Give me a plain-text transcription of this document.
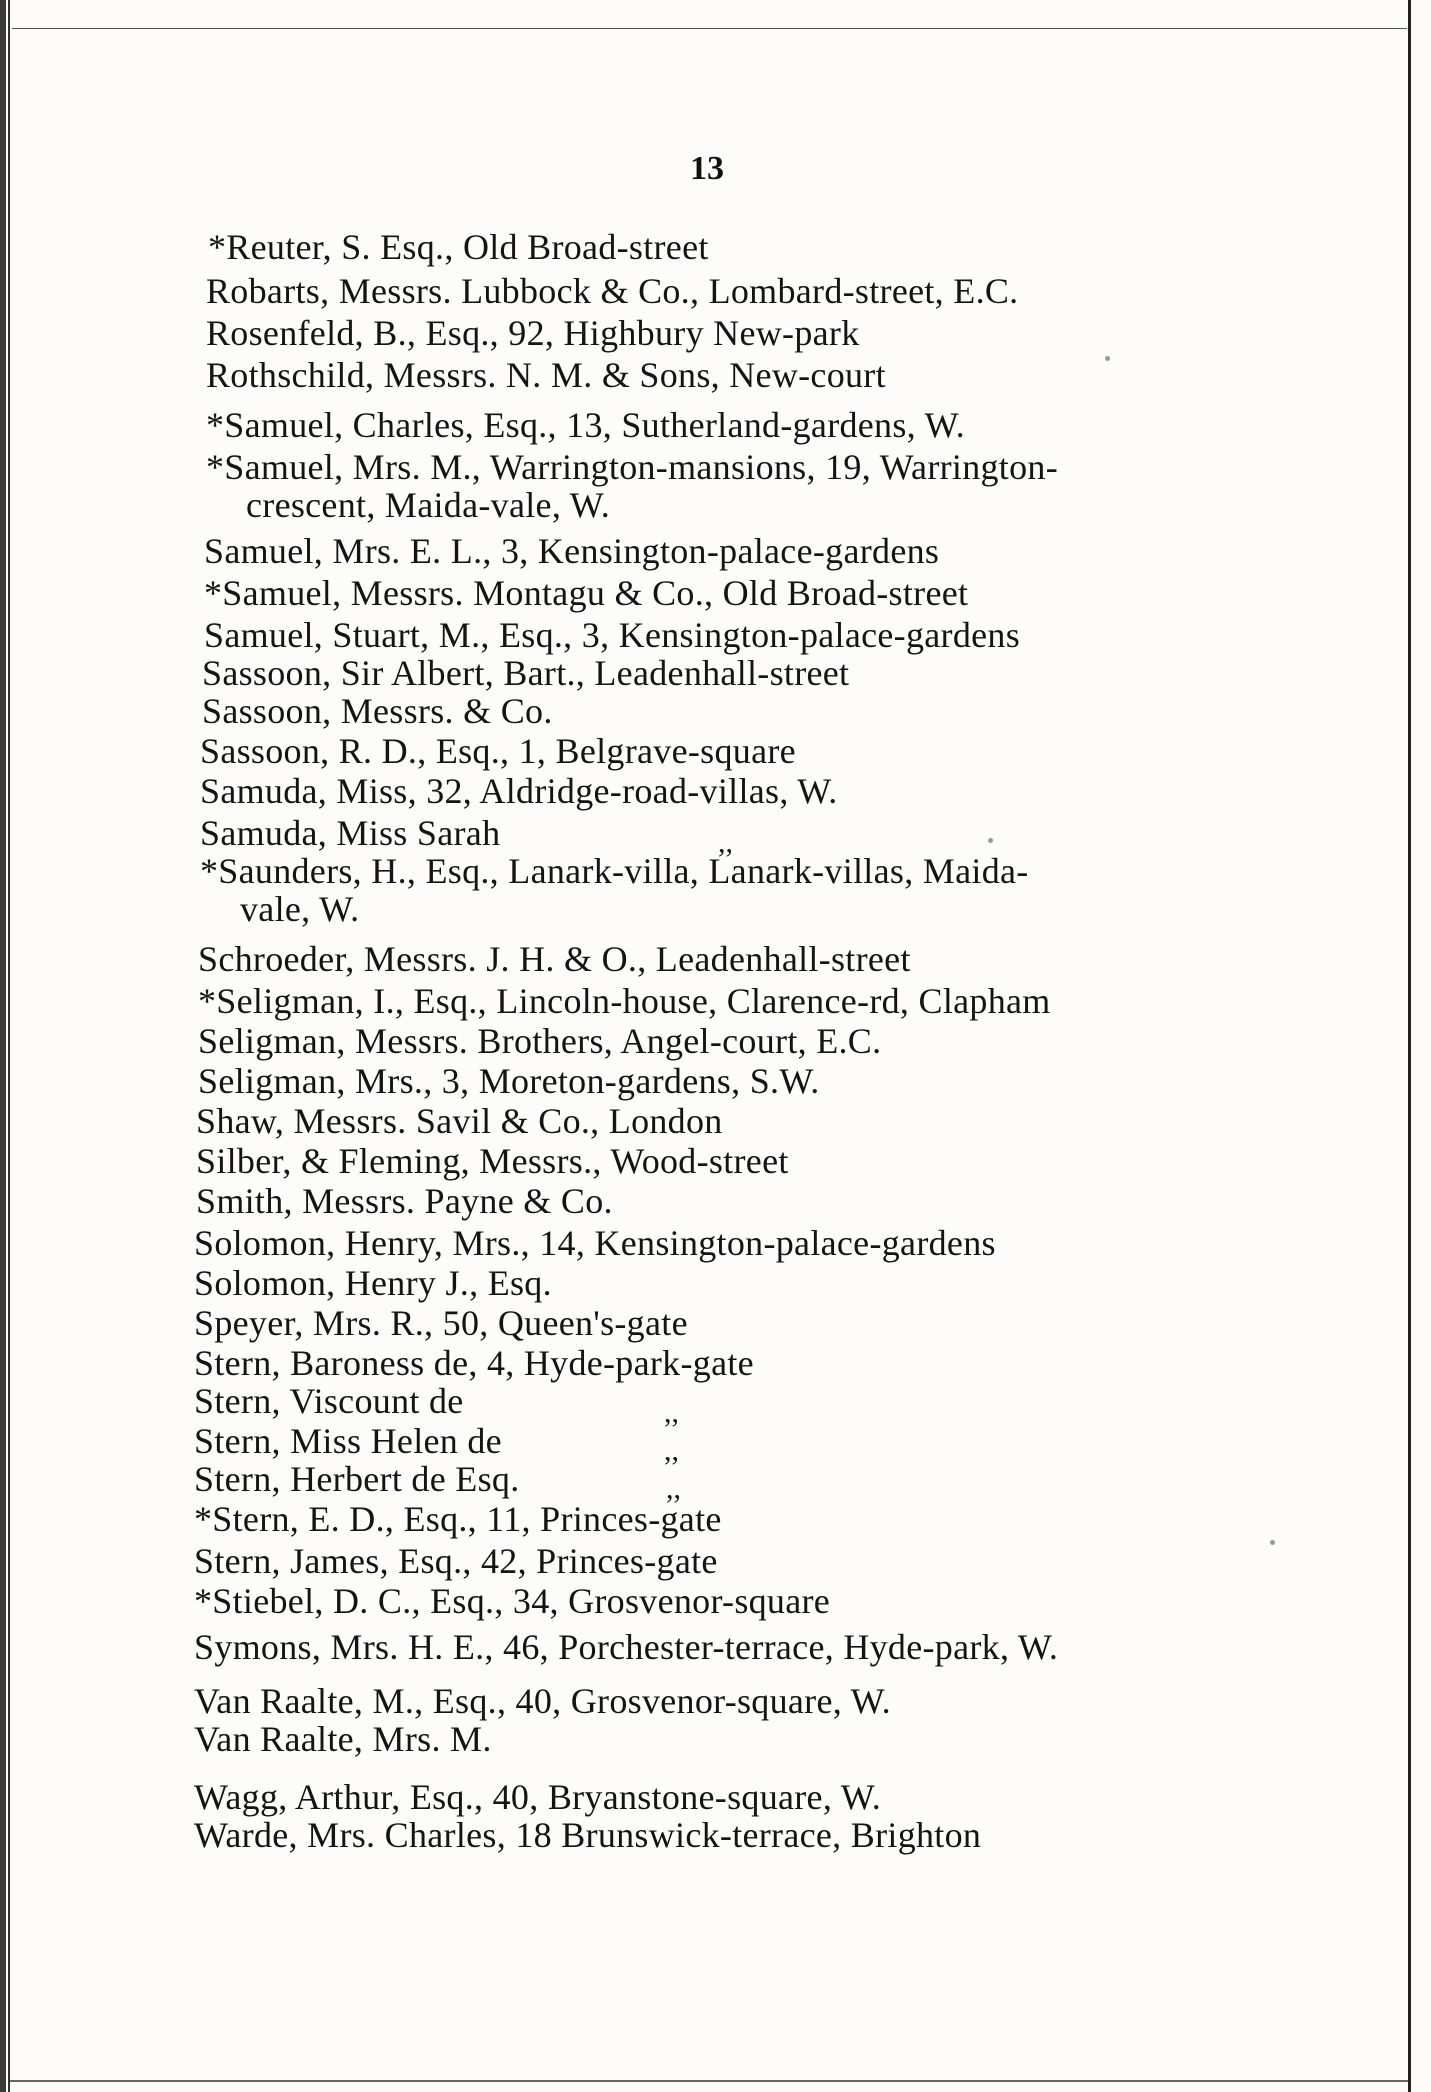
13
*Reuter, S. Esq., Old Broad-street
Robarts, Messrs. Lubbock & Co., Lombard-street, E.C.
Rosenfeld, B., Esq., 92, Highbury New-park
Rothschild, Messrs. N. M. & Sons, New-court
*Samuel, Charles, Esq., 13, Sutherland-gardens, W.
*Samuel, Mrs. M., Warrington-mansions, 19, Warrington-
crescent, Maida-vale, W.
Samuel, Mrs. E. L., 3, Kensington-palace-gardens
*Samuel, Messrs. Montagu & Co., Old Broad-street
Samuel, Stuart, M., Esq., 3, Kensington-palace-gardens
Sassoon, Sir Albert, Bart., Leadenhall-street
Sassoon, Messrs. & Co.
Sassoon, R. D., Esq., 1, Belgrave-square
Samuda, Miss, 32, Aldridge-road-villas, W.
Samuda, Miss Sarah	,,
*Saunders, H., Esq., Lanark-villa, Lanark-villas, Maida-
vale, W.
Schroeder, Messrs. J. H. & O., Leadenhall-street
*Seligman, I., Esq., Lincoln-house, Clarence-rd, Clapham
Seligman, Messrs. Brothers, Angel-court, E.C.
Seligman, Mrs., 3, Moreton-gardens, S.W.
Shaw, Messrs. Savil & Co., London
Silber, & Fleming, Messrs., Wood-street
Smith, Messrs. Payne & Co.
Solomon, Henry, Mrs., 14, Kensington-palace-gardens
Solomon, Henry J., Esq.
Speyer, Mrs. R., 50, Queen's-gate
Stern, Baroness de, 4, Hyde-park-gate
Stern, Viscount de	,,
Stern, Miss Helen de	,,
Stern, Herbert de Esq.	,,
*Stern, E. D., Esq., 11, Princes-gate
Stern, James, Esq., 42, Princes-gate
*Stiebel, D. C., Esq., 34, Grosvenor-square
Symons, Mrs. H. E., 46, Porchester-terrace, Hyde-park, W.
Van Raalte, M., Esq., 40, Grosvenor-square, W.
Van Raalte, Mrs. M.
Wagg, Arthur, Esq., 40, Bryanstone-square, W.
Warde, Mrs. Charles, 18 Brunswick-terrace, Brighton
